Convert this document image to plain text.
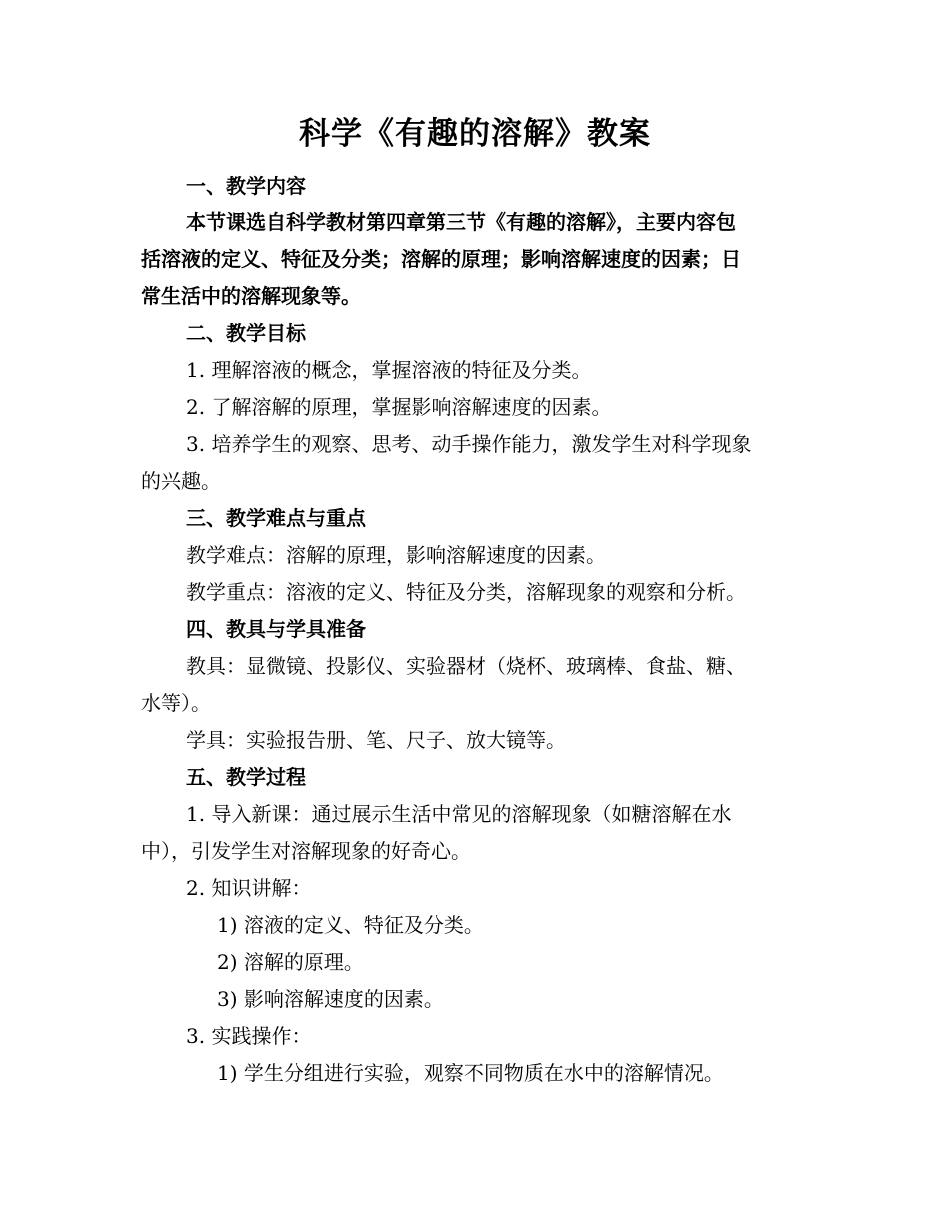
科学《有趣的溶解》教案
一、教学内容
本节课选自科学教材第四章第三节《有趣的溶解》，主要内容包
括溶液的定义、特征及分类；溶解的原理；影响溶解速度的因素；日
常生活中的溶解现象等。
二、教学目标
1. 理解溶液的概念，掌握溶液的特征及分类。
2. 了解溶解的原理，掌握影响溶解速度的因素。
3. 培养学生的观察、思考、动手操作能力，激发学生对科学现象
的兴趣。
三、教学难点与重点
教学难点：溶解的原理，影响溶解速度的因素。
教学重点：溶液的定义、特征及分类，溶解现象的观察和分析。
四、教具与学具准备
教具：显微镜、投影仪、实验器材（烧杯、玻璃棒、食盐、糖、
水等）。
学具：实验报告册、笔、尺子、放大镜等。
五、教学过程
1. 导入新课：通过展示生活中常见的溶解现象（如糖溶解在水
中），引发学生对溶解现象的好奇心。
2. 知识讲解：
1) 溶液的定义、特征及分类。
2) 溶解的原理。
3) 影响溶解速度的因素。
3. 实践操作：
1) 学生分组进行实验，观察不同物质在水中的溶解情况。
